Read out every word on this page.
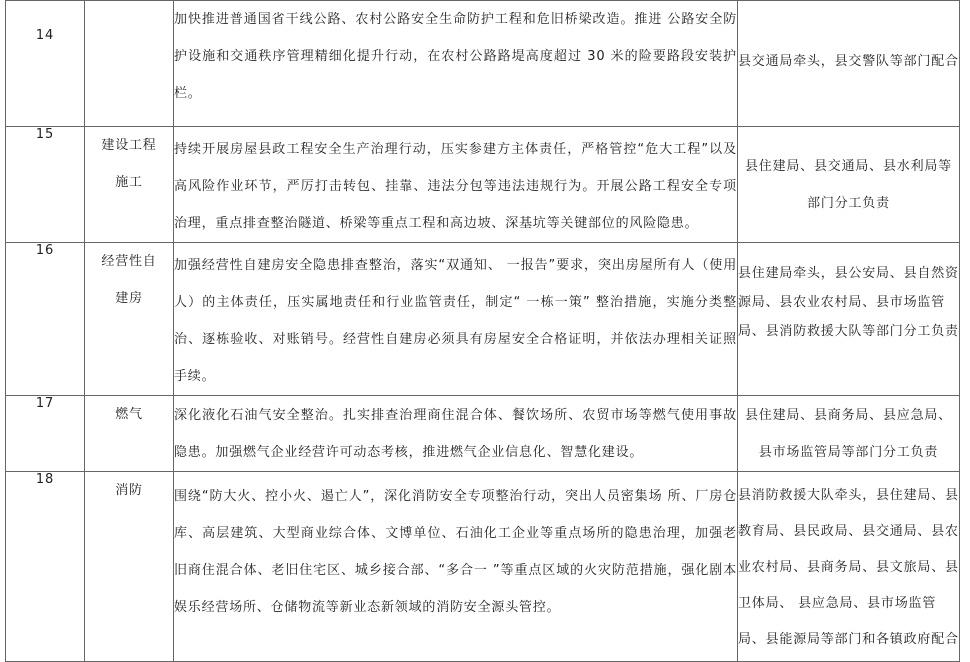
14		加快推进普通国省干线公路、农村公路安全生命防护工程和危旧桥梁改造。推进 公路安全防护设施和交通秩序管理精细化提升行动，在农村公路路堤高度超过 30 米的险要路段安装护栏。	县交通局牵头，县交警队等部门配合

15	建设工程施工	持续开展房屋县政工程安全生产治理行动，压实参建方主体责任，严格管控“危大工程”以及高风险作业环节，严厉打击转包、挂靠、违法分包等违法违规行为。开展公路工程安全专项治理，重点排查整治隧道、桥梁等重点工程和高边坡、深基坑等关键部位的风险隐患。	县住建局、县交通局、县水利局等部门分工负责

16	经营性自建房	加强经营性自建房安全隐患排查整治，落实“双通知、 一报告”要求，突出房屋所有人（使用人）的主体责任，压实属地责任和行业监管责任，制定“ 一栋一策” 整治措施，实施分类整治、逐栋验收、对账销号。经营性自建房必须具有房屋安全合格证明，并依法办理相关证照手续。	县住建局牵头，县公安局、县自然资源局、县农业农村局、县市场监管局、县消防救援大队等部门分工负责

17	燃气	深化液化石油气安全整治。扎实排查治理商住混合体、餐饮场所、农贸市场等燃气使用事故隐患。加强燃气企业经营许可动态考核，推进燃气企业信息化、智慧化建设。	县住建局、县商务局、县应急局、县市场监管局等部门分工负责

18	消防	围绕“防大火、控小火、遏亡人”，深化消防安全专项整治行动，突出人员密集场 所、厂房仓库、高层建筑、大型商业综合体、文博单位、石油化工企业等重点场所的隐患治理，加强老旧商住混合体、老旧住宅区、城乡接合部、“多合一 ”等重点区域的火灾防范措施，强化剧本娱乐经营场所、仓储物流等新业态新领域的消防安全源头管控。	县消防救援大队牵头，县住建局、县教育局、县民政局、县交通局、县农业农村局、县商务局、县文旅局、县卫体局、 县应急局、县市场监管局、县能源局等部门和各镇政府配合
